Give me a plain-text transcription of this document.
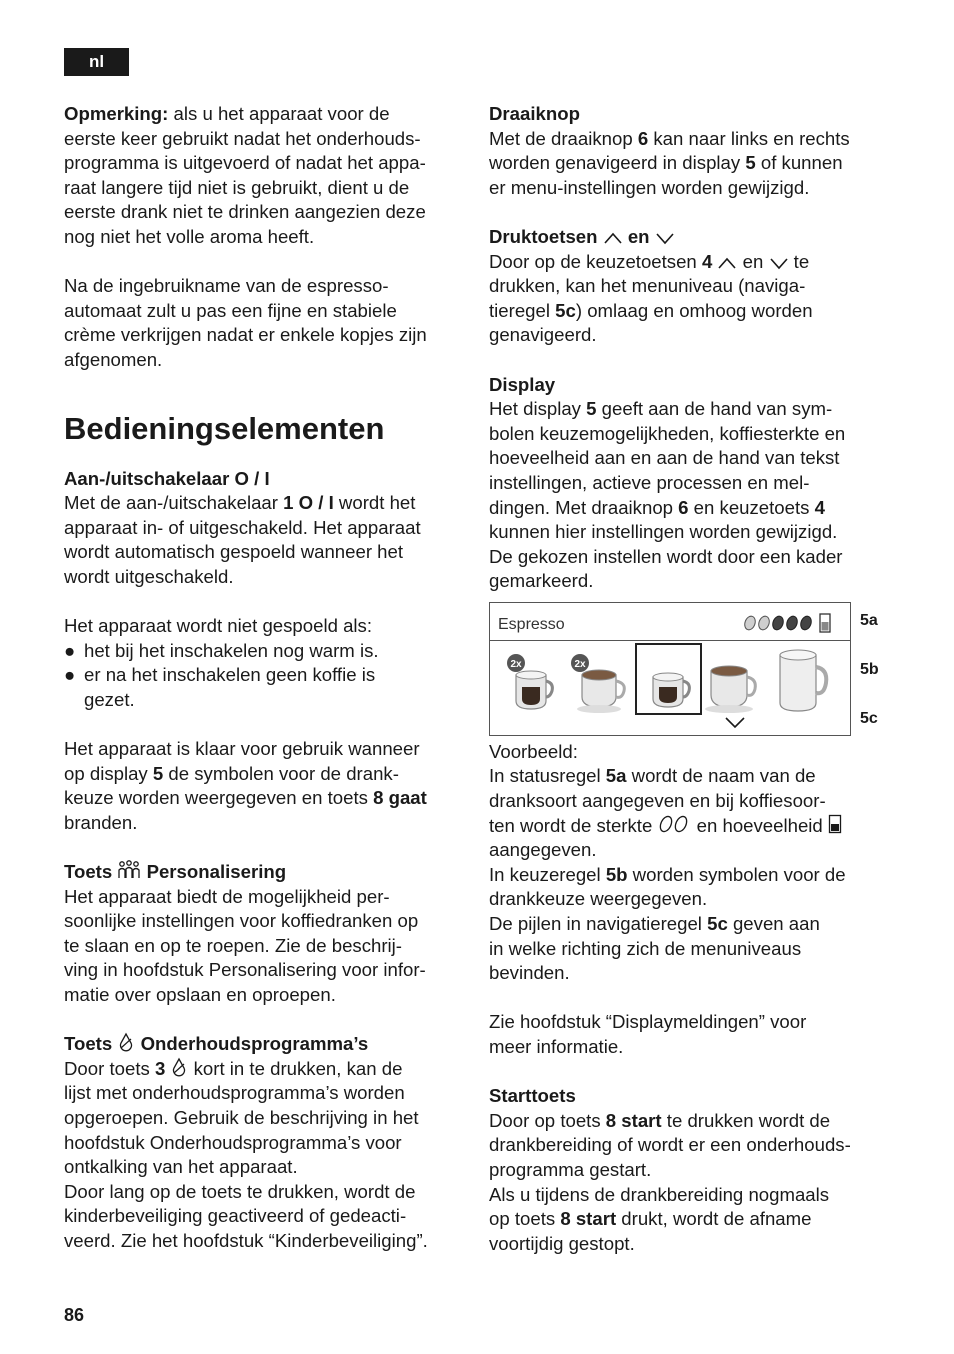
nl
Opmerking: als u het apparaat voor de
eerste keer gebruikt nadat het onderhouds-
programma is uitgevoerd of nadat het appa-
raat langere tijd niet is gebruikt, dient u de
eerste drank niet te drinken aangezien deze
nog niet het volle aroma heeft.
Na de ingebruikname van de espresso-
automaat zult u pas een fijne en stabiele
crème verkrijgen nadat er enkele kopjes zijn
afgenomen.
Bedieningselementen
Aan-/uitschakelaar O / I
Met de aan-/uitschakelaar 1 O / I wordt het
apparaat in- of uitgeschakeld. Het apparaat
wordt automatisch gespoeld wanneer het
wordt uitgeschakeld.
Het apparaat wordt niet gespoeld als:
● het bij het inschakelen nog warm is.
● er na het inschakelen geen koffie is
gezet.
Het apparaat is klaar voor gebruik wanneer
op display 5 de symbolen voor de drank-
keuze worden weergegeven en toets 8 gaat
branden.
Toets Personalisering
Het apparaat biedt de mogelijkheid per-
soonlijke instellingen voor koffiedranken op
te slaan en op te roepen. Zie de beschrij-
ving in hoofdstuk Personalisering voor infor-
matie over opslaan en oproepen.
Toets Onderhoudsprogramma’s
Door toets 3  kort in te drukken, kan de
lijst met onderhoudsprogramma’s worden
opgeroepen. Gebruik de beschrijving in het
hoofdstuk Onderhoudsprogramma’s voor
ontkalking van het apparaat.
Door lang op de toets te drukken, wordt de
kinderbeveiliging geactiveerd of gedeacti-
veerd. Zie het hoofdstuk “Kinderbeveiliging”.
Draaiknop
Met de draaiknop 6 kan naar links en rechts
worden genavigeerd in display 5 of kunnen
er menu-instellingen worden gewijzigd.
Druktoetsen en
Door op de keuzetoetsen 4 en te
drukken, kan het menuniveau (naviga-
tieregel 5c) omlaag en omhoog worden
genavigeerd.
Display
Het display 5 geeft aan de hand van sym-
bolen keuzemogelijkheden, koffiesterkte en
hoeveelheid aan en aan de hand van tekst
instellingen, actieve processen en mel-
dingen. Met draaiknop 6 en keuzetoets 4
kunnen hier instellingen worden gewijzigd.
De gekozen instellen wordt door een kader
gemarkeerd.
Espresso
2x	2x
Voorbeeld:
In statusregel 5a wordt de naam van de
dranksoort aangegeven en bij koffiesoor-
ten wordt de sterkte  en hoeveelheid
aangegeven.
In keuzeregel 5b worden symbolen voor de
drankkeuze weergegeven.
De pijlen in navigatieregel 5c geven aan
in welke richting zich de menuniveaus
bevinden.
Zie hoofdstuk “Displaymeldingen” voor
meer informatie.
Starttoets
Door op toets 8 start te drukken wordt de
drankbereiding of wordt er een onderhouds-
programma gestart.
Als u tijdens de drankbereiding nogmaals
op toets 8 start drukt, wordt de afname
voortijdig gestopt.
5a
5b
5c
86
